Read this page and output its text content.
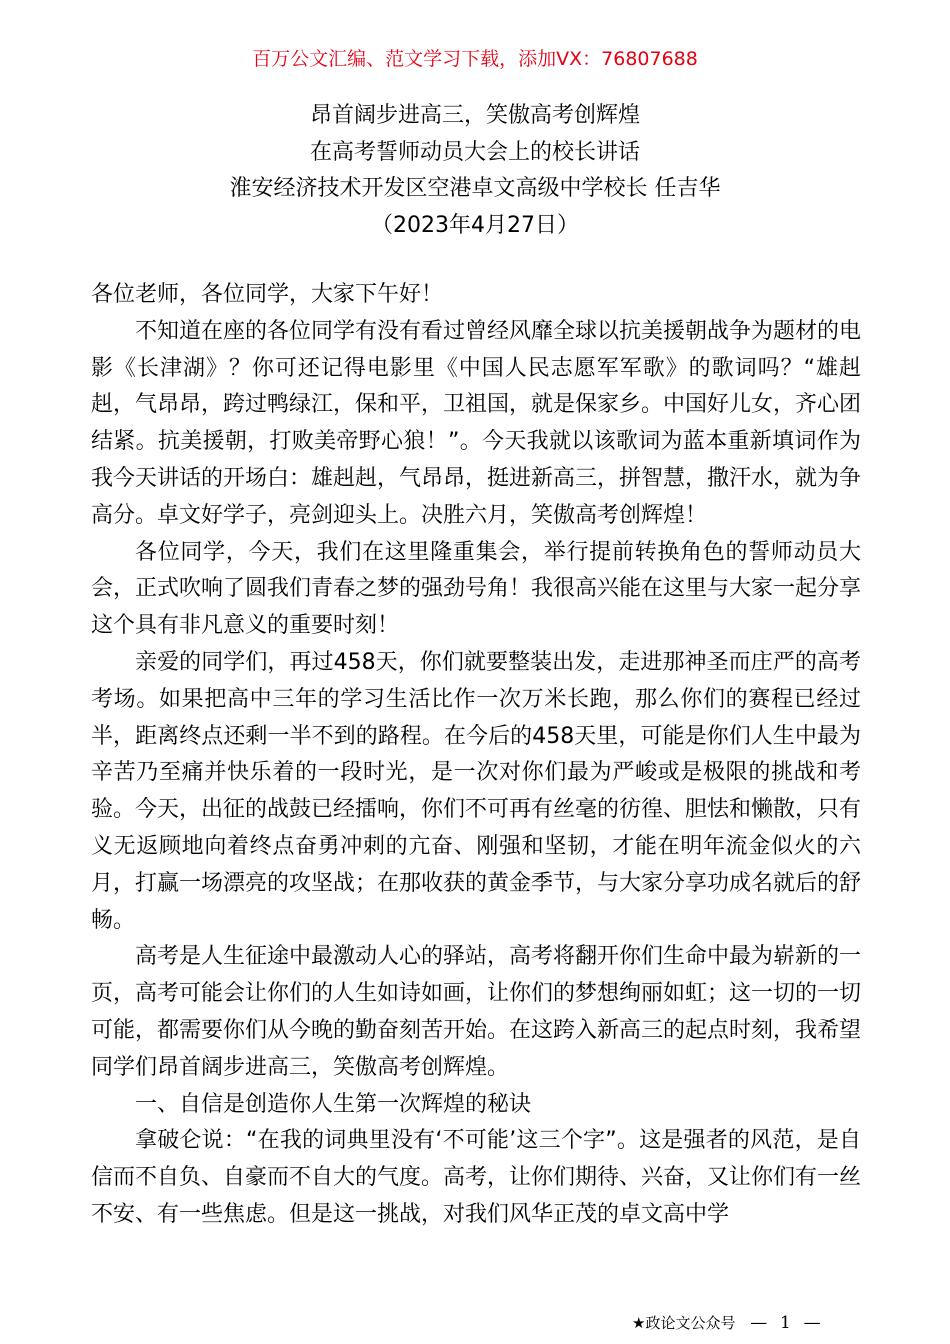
百万公文汇编、范文学习下载，添加VX：76807688
昂首阔步进高三，笑傲高考创辉煌
在高考誓师动员大会上的校长讲话
淮安经济技术开发区空港卓文高级中学校长 任吉华
（2023年4月27日）

各位老师，各位同学，大家下午好！

不知道在座的各位同学有没有看过曾经风靡全球以抗美援朝战争为题材的电影《长津湖》？你可还记得电影里《中国人民志愿军军歌》的歌词吗？“雄赳赳，气昂昂，跨过鸭绿江，保和平，卫祖国，就是保家乡。中国好儿女，齐心团结紧。抗美援朝，打败美帝野心狼！”。今天我就以该歌词为蓝本重新填词作为我今天讲话的开场白：雄赳赳，气昂昂，挺进新高三，拼智慧，撒汗水，就为争高分。卓文好学子，亮剑迎头上。决胜六月，笑傲高考创辉煌！

各位同学，今天，我们在这里隆重集会，举行提前转换角色的誓师动员大会，正式吹响了圆我们青春之梦的强劲号角！我很高兴能在这里与大家一起分享这个具有非凡意义的重要时刻！

亲爱的同学们，再过458天，你们就要整装出发，走进那神圣而庄严的高考考场。如果把高中三年的学习生活比作一次万米长跑，那么你们的赛程已经过半，距离终点还剩一半不到的路程。在今后的458天里，可能是你们人生中最为辛苦乃至痛并快乐着的一段时光，是一次对你们最为严峻或是极限的挑战和考验。今天，出征的战鼓已经擂响，你们不可再有丝毫的彷徨、胆怯和懒散，只有义无返顾地向着终点奋勇冲刺的亢奋、刚强和坚韧，才能在明年流金似火的六月，打赢一场漂亮的攻坚战；在那收获的黄金季节，与大家分享功成名就后的舒畅。

高考是人生征途中最激动人心的驿站，高考将翻开你们生命中最为崭新的一页，高考可能会让你们的人生如诗如画，让你们的梦想绚丽如虹；这一切的一切可能，都需要你们从今晚的勤奋刻苦开始。在这跨入新高三的起点时刻，我希望同学们昂首阔步进高三，笑傲高考创辉煌。

一、自信是创造你人生第一次辉煌的秘诀

拿破仑说：“在我的词典里没有‘不可能’这三个字”。这是强者的风范，是自信而不自负、自豪而不自大的气度。高考，让你们期待、兴奋，又让你们有一丝不安、有一些焦虑。但是这一挑战，对我们风华正茂的卓文高中学

★政论文公众号 — 1 —
